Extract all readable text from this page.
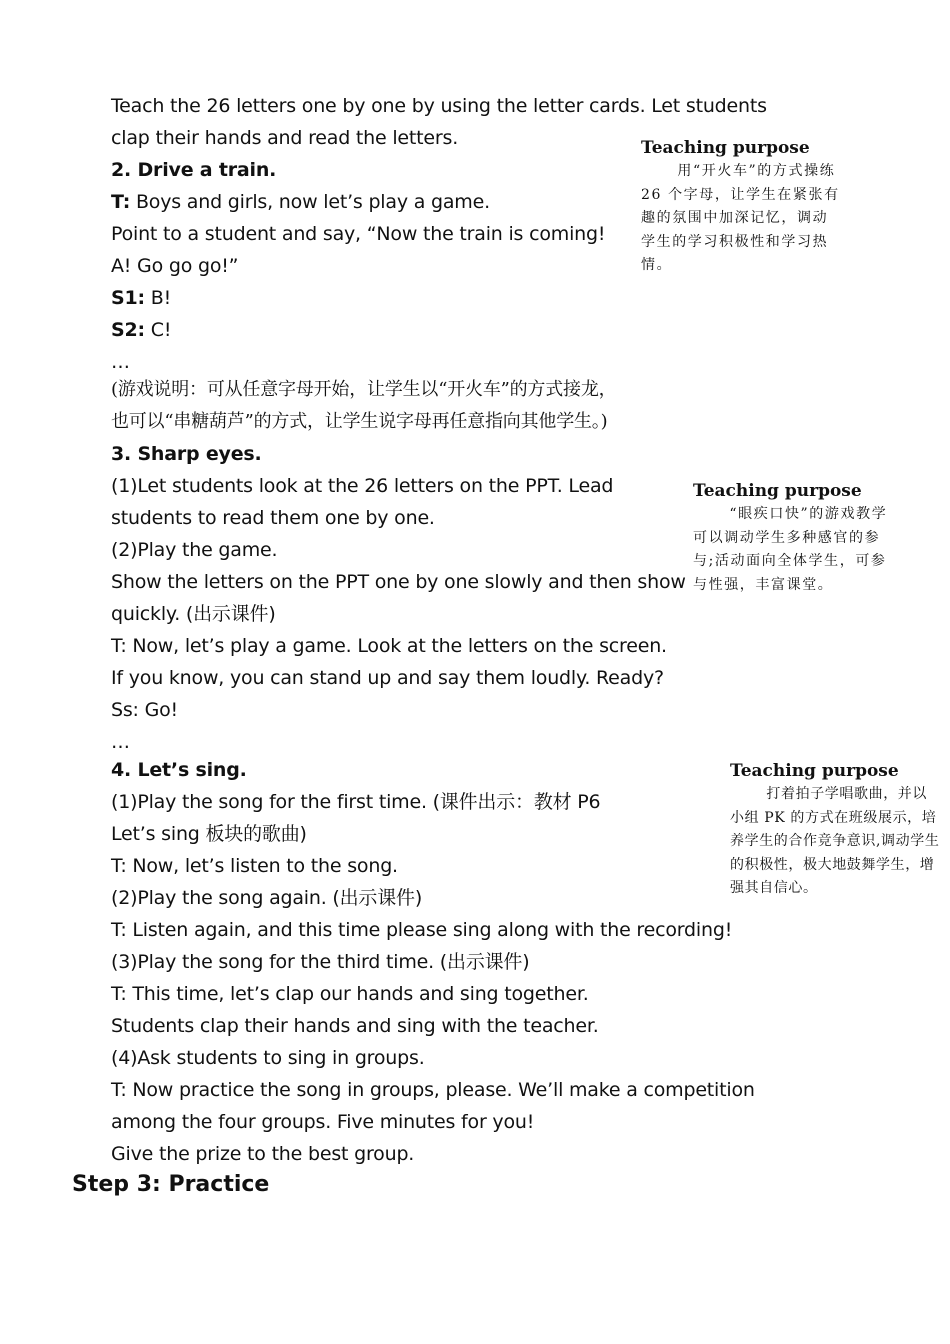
Teach the 26 letters one by one by using the letter cards. Let students
clap their hands and read the letters.
2. Drive a train.
T: Boys and girls, now let’s play a game.
Point to a student and say, “Now the train is coming!
A! Go go go!”
S1: B!
S2: C!
…
(游戏说明：可从任意字母开始，让学生以“开火车”的方式接龙，
也可以“串糖葫芦”的方式，让学生说字母再任意指向其他学生。)
3. Sharp eyes.
(1)Let students look at the 26 letters on the PPT. Lead
students to read them one by one.
(2)Play the game.
Show the letters on the PPT one by one slowly and then show
quickly. (出示课件)
T: Now, let’s play a game. Look at the letters on the screen.
If you know, you can stand up and say them loudly. Ready?
Ss: Go!
…
4. Let’s sing.
(1)Play the song for the first time. (课件出示：教材 P6
Let’s sing 板块的歌曲)
T: Now, let’s listen to the song.
(2)Play the song again. (出示课件)
T: Listen again, and this time please sing along with the recording!
(3)Play the song for the third time. (出示课件)
T: This time, let’s clap our hands and sing together.
Students clap their hands and sing with the teacher.
(4)Ask students to sing in groups.
T: Now practice the song in groups, please. We’ll make a competition
among the four groups. Five minutes for you!
Give the prize to the best group.
Step 3: Practice
Teaching purpose
用“开火车”的方式操练 26 个字母，让学生在紧张有趣的氛围中加深记忆，调动学生的学习积极性和学习热情。
Teaching purpose
“眼疾口快”的游戏教学可以调动学生多种感官的参与;活动面向全体学生，可参与性强，丰富课堂。
Teaching purpose
打着拍子学唱歌曲，并以小组 PK 的方式在班级展示，培养学生的合作竞争意识,调动学生的积极性，极大地鼓舞学生，增强其自信心。
